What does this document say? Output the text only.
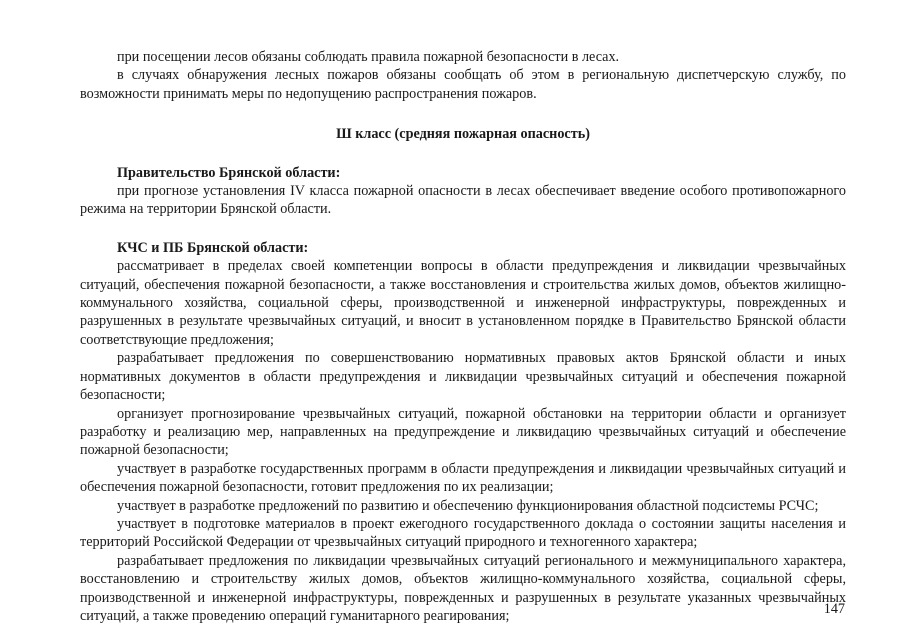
при посещении лесов обязаны соблюдать правила пожарной безопасности в лесах.

в случаях обнаружения лесных пожаров обязаны сообщать об этом в региональную диспетчерскую службу, по возможности принимать меры по недопущению распространения пожаров.

Ш класс (средняя пожарная опасность)

Правительство Брянской области:

при прогнозе установления IV класса пожарной опасности в лесах обеспечивает введение особого противопожарного режима на территории Брянской области.

КЧС и ПБ Брянской области:

рассматривает в пределах своей компетенции вопросы в области предупреждения и ликвидации чрезвычайных ситуаций, обеспечения пожарной безопасности, а также восстановления и строительства жилых домов, объектов жилищно-коммунального хозяйства, социальной сферы, производственной и инженерной инфраструктуры, поврежденных и разрушенных в результате чрезвычайных ситуаций, и вносит в установленном порядке в Правительство Брянской области соответствующие предложения;

разрабатывает предложения по совершенствованию нормативных правовых актов Брянской области и иных нормативных документов в области предупреждения и ликвидации чрезвычайных ситуаций и обеспечения пожарной безопасности;

организует прогнозирование чрезвычайных ситуаций, пожарной обстановки на территории области и организует разработку и реализацию мер, направленных на предупреждение и ликвидацию чрезвычайных ситуаций и обеспечение пожарной безопасности;

участвует в разработке государственных программ в области предупреждения и ликвидации чрезвычайных ситуаций и обеспечения пожарной безопасности, готовит предложения по их реализации;

участвует в разработке предложений по развитию и обеспечению функционирования областной подсистемы РСЧС;

участвует в подготовке материалов в проект ежегодного государственного доклада о состоянии защиты населения и территорий Российской Федерации от чрезвычайных ситуаций природного и техногенного характера;

разрабатывает предложения по ликвидации чрезвычайных ситуаций регионального и межмуниципального характера, восстановлению и строительству жилых домов, объектов жилищно-коммунального хозяйства, социальной сферы, производственной и инженерной инфраструктуры, поврежденных и разрушенных в результате указанных чрезвычайных ситуаций, а также проведению операций гуманитарного реагирования;	147
